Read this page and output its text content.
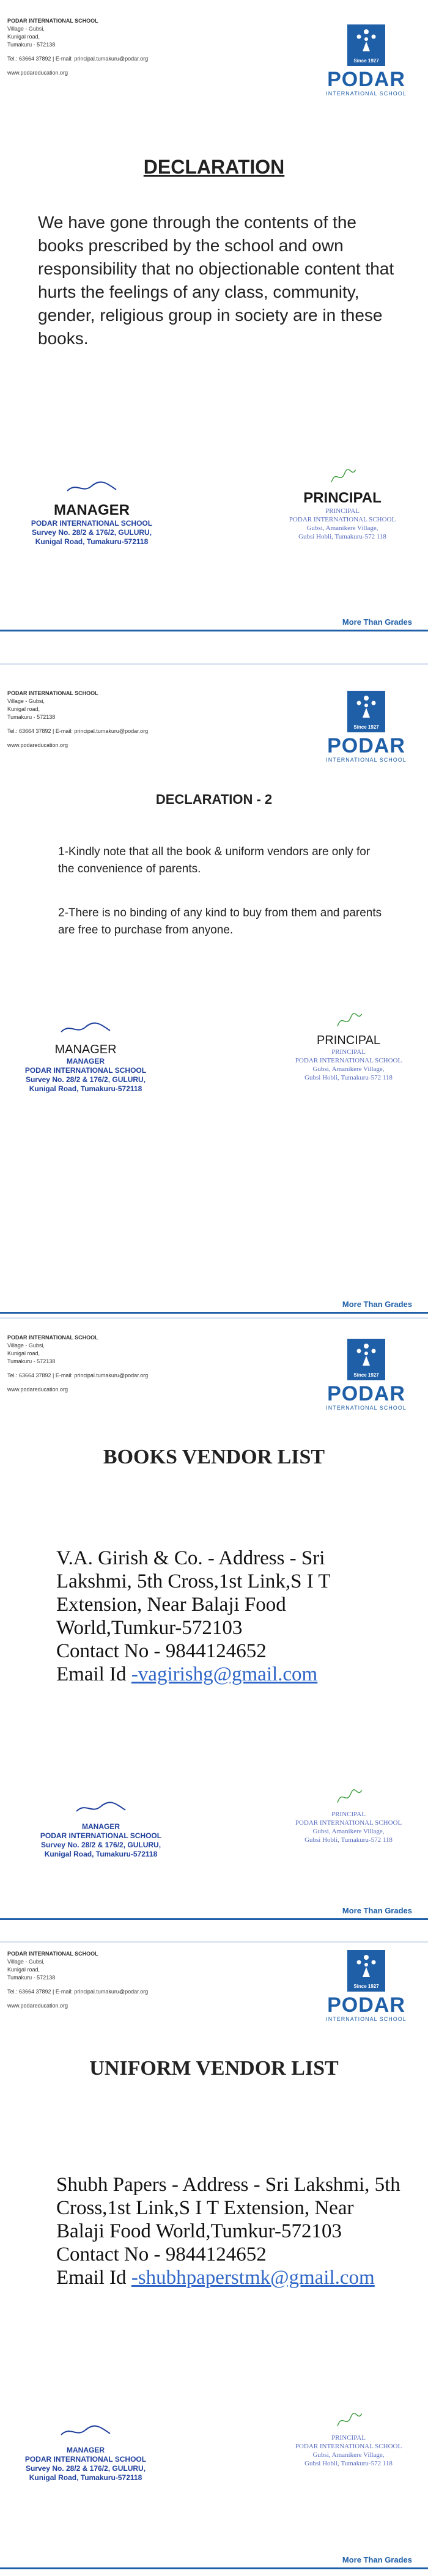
PODAR INTERNATIONAL SCHOOL
Village - Gubsi,
Kunigal road,
Tumakuru - 572138
Tel.: 63664 37892 | E-mail: principal.tumakuru@podar.org
www.podareducation.org
Since 1927
PODAR
INTERNATIONAL SCHOOL
DECLARATION
We have gone through the contents of the books prescribed by the school and own responsibility that no objectionable content that hurts the feelings of any class, community, gender, religious group in society are in these books.
MANAGER
PODAR INTERNATIONAL SCHOOL
Survey No. 28/2 & 176/2, GULURU,
Kunigal Road, Tumakuru-572118
PRINCIPAL
PRINCIPAL
PODAR INTERNATIONAL SCHOOL
Gubsi, Amanikere Village,
Gubsi Hobli, Tumakuru-572 118
More Than Grades
PODAR INTERNATIONAL SCHOOL
Village - Gubsi,
Kunigal road,
Tumakuru - 572138
Tel.: 63664 37892 | E-mail: principal.tumakuru@podar.org
www.podareducation.org
Since 1927
PODAR
INTERNATIONAL SCHOOL
DECLARATION - 2
1-Kindly note that all the book & uniform vendors are only for the convenience of parents.
2-There is no binding of any kind to buy from them and parents are free to purchase from anyone.
MANAGER
MANAGER
PODAR INTERNATIONAL SCHOOL
Survey No. 28/2 & 176/2, GULURU,
Kunigal Road, Tumakuru-572118
PRINCIPAL
PRINCIPAL
PODAR INTERNATIONAL SCHOOL
Gubsi, Amanikere Village,
Gubsi Hobli, Tumakuru-572 118
More Than Grades
PODAR INTERNATIONAL SCHOOL
Village - Gubsi,
Kunigal road,
Tumakuru - 572138
Tel.: 63664 37892 | E-mail: principal.tumakuru@podar.org
www.podareducation.org
Since 1927
PODAR
INTERNATIONAL SCHOOL
BOOKS VENDOR LIST
V.A. Girish & Co. - Address - Sri Lakshmi, 5th Cross,1st Link,S I T Extension, Near Balaji Food World,Tumkur-572103
Contact No - 9844124652
Email Id -vagirishg@gmail.com
MANAGER
PODAR INTERNATIONAL SCHOOL
Survey No. 28/2 & 176/2, GULURU,
Kunigal Road, Tumakuru-572118
PRINCIPAL
PODAR INTERNATIONAL SCHOOL
Gubsi, Amanikere Village,
Gubsi Hobli, Tumakuru-572 118
More Than Grades
PODAR INTERNATIONAL SCHOOL
Village - Gubsi,
Kunigal road,
Tumakuru - 572138
Tel.: 63664 37892 | E-mail: principal.tumakuru@podar.org
www.podareducation.org
Since 1927
PODAR
INTERNATIONAL SCHOOL
UNIFORM VENDOR LIST
Shubh Papers - Address - Sri Lakshmi, 5th Cross,1st Link,S I T Extension, Near Balaji Food World,Tumkur-572103
Contact No - 9844124652
Email Id -shubhpaperstmk@gmail.com
MANAGER
PODAR INTERNATIONAL SCHOOL
Survey No. 28/2 & 176/2, GULURU,
Kunigal Road, Tumakuru-572118
PRINCIPAL
PODAR INTERNATIONAL SCHOOL
Gubsi, Amanikere Village,
Gubsi Hobli, Tumakuru-572 118
More Than Grades
